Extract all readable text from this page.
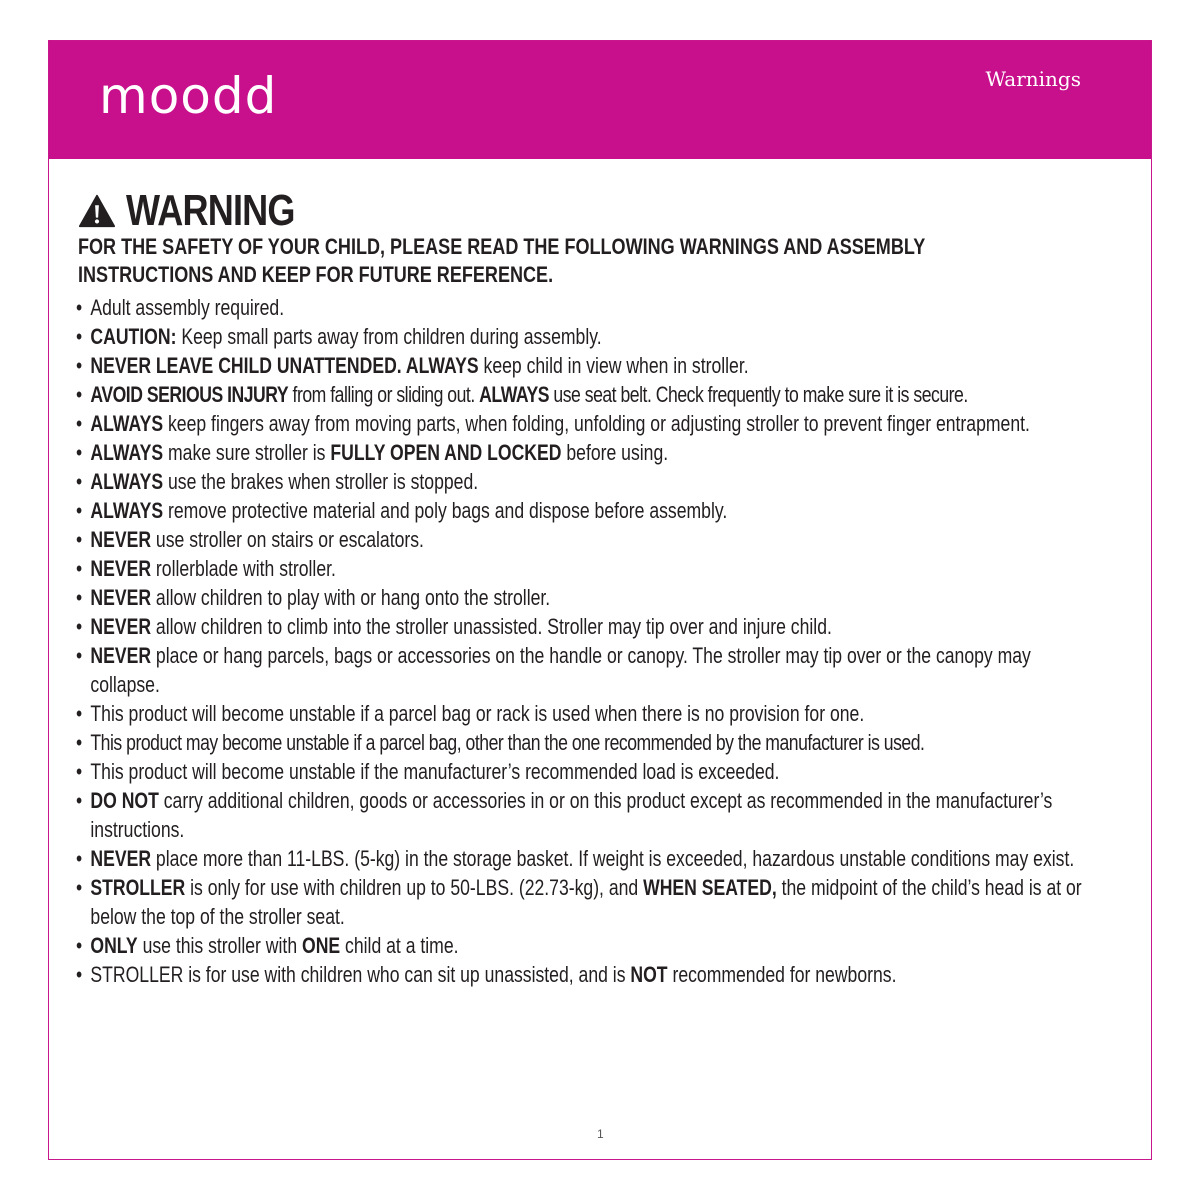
moodd	Warnings
WARNING
FOR THE SAFETY OF YOUR CHILD, PLEASE READ THE FOLLOWING WARNINGS AND ASSEMBLY INSTRUCTIONS AND KEEP FOR FUTURE REFERENCE.
• Adult assembly required.
• CAUTION: Keep small parts away from children during assembly.
• NEVER LEAVE CHILD UNATTENDED. ALWAYS keep child in view when in stroller.
• AVOID SERIOUS INJURY from falling or sliding out. ALWAYS use seat belt. Check frequently to make sure it is secure.
• ALWAYS keep fingers away from moving parts, when folding, unfolding or adjusting stroller to prevent finger entrapment.
• ALWAYS make sure stroller is FULLY OPEN AND LOCKED before using.
• ALWAYS use the brakes when stroller is stopped.
• ALWAYS remove protective material and poly bags and dispose before assembly.
• NEVER use stroller on stairs or escalators.
• NEVER rollerblade with stroller.
• NEVER allow children to play with or hang onto the stroller.
• NEVER allow children to climb into the stroller unassisted. Stroller may tip over and injure child.
• NEVER place or hang parcels, bags or accessories on the handle or canopy. The stroller may tip over or the canopy may collapse.
• This product will become unstable if a parcel bag or rack is used when there is no provision for one.
• This product may become unstable if a parcel bag, other than the one recommended by the manufacturer is used.
• This product will become unstable if the manufacturer’s recommended load is exceeded.
• DO NOT carry additional children, goods or accessories in or on this product except as recommended in the manufacturer’s instructions.
• NEVER place more than 11-LBS. (5-kg) in the storage basket. If weight is exceeded, hazardous unstable conditions may exist.
• STROLLER is only for use with children up to 50-LBS. (22.73-kg), and WHEN SEATED, the midpoint of the child’s head is at or below the top of the stroller seat.
• ONLY use this stroller with ONE child at a time.
• STROLLER is for use with children who can sit up unassisted, and is NOT recommended for newborns.
1
